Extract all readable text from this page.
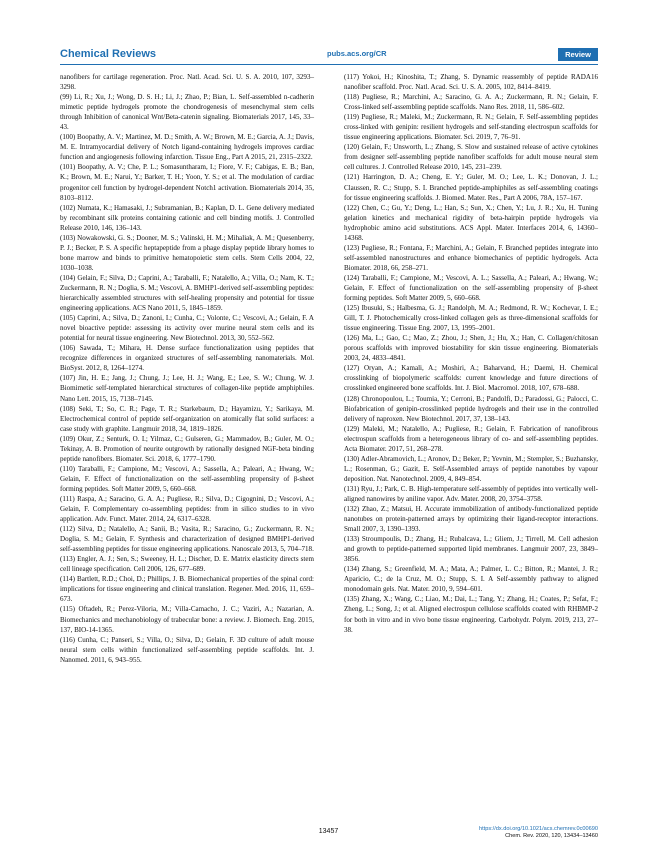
Chemical Reviews	pubs.acs.org/CR	Review

nanofibers for cartilage regeneration. Proc. Natl. Acad. Sci. U. S. A. 2010, 107, 3293–3298.

(99) Li, R.; Xu, J.; Wong, D. S. H.; Li, J.; Zhao, P.; Bian, L. Self-assembled n-cadherin mimetic peptide hydrogels promote the chondrogenesis of mesenchymal stem cells through Inhibition of canonical Wnt/Beta-catenin signaling. Biomaterials 2017, 145, 33–43.

(100) Boopathy, A. V.; Martinez, M. D.; Smith, A. W.; Brown, M. E.; Garcia, A. J.; Davis, M. E. Intramyocardial delivery of Notch ligand-containing hydrogels improves cardiac function and angiogenesis following infarction. Tissue Eng., Part A 2015, 21, 2315–2322.

(101) Boopathy, A. V.; Che, P. L.; Somasuntharam, I.; Fiore, V. F.; Cabigas, E. B.; Ban, K.; Brown, M. E.; Narui, Y.; Barker, T. H.; Yoon, Y. S.; et al. The modulation of cardiac progenitor cell function by hydrogel-dependent Notch1 activation. Biomaterials 2014, 35, 8103–8112.

(102) Numata, K.; Hamasaki, J.; Subramanian, B.; Kaplan, D. L. Gene delivery mediated by recombinant silk proteins containing cationic and cell binding motifs. J. Controlled Release 2010, 146, 136–143.

(103) Nowakowski, G. S.; Dooner, M. S.; Valinski, H. M.; Mihaliak, A. M.; Quesenberry, P. J.; Becker, P. S. A specific heptapeptide from a phage display peptide library homes to bone marrow and binds to primitive hematopoietic stem cells. Stem Cells 2004, 22, 1030–1038.

(104) Gelain, F.; Silva, D.; Caprini, A.; Taraballi, F.; Natalello, A.; Villa, O.; Nam, K. T.; Zuckermann, R. N.; Doglia, S. M.; Vescovi, A. BMHP1-derived self-assembling peptides: hierarchically assembled structures with self-healing propensity and potential for tissue engineering applications. ACS Nano 2011, 5, 1845–1859.

(105) Caprini, A.; Silva, D.; Zanoni, I.; Cunha, C.; Volonte, C.; Vescovi, A.; Gelain, F. A novel bioactive peptide: assessing its activity over murine neural stem cells and its potential for neural tissue engineering. New Biotechnol. 2013, 30, 552–562.

(106) Sawada, T.; Mihara, H. Dense surface functionalization using peptides that recognize differences in organized structures of self-assembling nanomaterials. Mol. BioSyst. 2012, 8, 1264–1274.

(107) Jin, H. E.; Jang, J.; Chung, J.; Lee, H. J.; Wang, E.; Lee, S. W.; Chung, W. J. Biomimetic self-templated hierarchical structures of collagen-like peptide amphiphiles. Nano Lett. 2015, 15, 7138–7145.

(108) Seki, T.; So, C. R.; Page, T. R.; Starkebaum, D.; Hayamizu, Y.; Sarikaya, M. Electrochemical control of peptide self-organization on atomically flat solid surfaces: a case study with graphite. Langmuir 2018, 34, 1819–1826.

(109) Okur, Z.; Senturk, O. I.; Yilmaz, C.; Gulseren, G.; Mammadov, B.; Guler, M. O.; Tekinay, A. B. Promotion of neurite outgrowth by rationally designed NGF-beta binding peptide nanofibers. Biomater. Sci. 2018, 6, 1777–1790.

(110) Taraballi, F.; Campione, M.; Vescovi, A.; Sassella, A.; Paleari, A.; Hwang, W.; Gelain, F. Effect of functionalization on the self-assembling propensity of β-sheet forming peptides. Soft Matter 2009, 5, 660–668.

(111) Raspa, A.; Saracino, G. A. A.; Pugliese, R.; Silva, D.; Cigognini, D.; Vescovi, A.; Gelain, F. Complementary co-assembling peptides: from in silico studies to in vivo application. Adv. Funct. Mater. 2014, 24, 6317–6328.

(112) Silva, D.; Natalello, A.; Sanii, B.; Vasita, R.; Saracino, G.; Zuckermann, R. N.; Doglia, S. M.; Gelain, F. Synthesis and characterization of designed BMHP1-derived self-assembling peptides for tissue engineering applications. Nanoscale 2013, 5, 704–718.

(113) Engler, A. J.; Sen, S.; Sweeney, H. L.; Discher, D. E. Matrix elasticity directs stem cell lineage specification. Cell 2006, 126, 677–689.

(114) Bartlett, R.D.; Choi, D.; Phillips, J. B. Biomechanical properties of the spinal cord: implications for tissue engineering and clinical translation. Regener. Med. 2016, 11, 659–673.

(115) Oftadeh, R.; Perez-Viloria, M.; Villa-Camacho, J. C.; Vaziri, A.; Nazarian, A. Biomechanics and mechanobiology of trabecular bone: a review. J. Biomech. Eng. 2015, 137, BIO-14-1365.

(116) Cunha, C.; Panseri, S.; Villa, O.; Silva, D.; Gelain, F. 3D culture of adult mouse neural stem cells within functionalized self-assembling peptide scaffolds. Int. J. Nanomed. 2011, 6, 943–955.

(117) Yokoi, H.; Kinoshita, T.; Zhang, S. Dynamic reassembly of peptide RADA16 nanofiber scaffold. Proc. Natl. Acad. Sci. U. S. A. 2005, 102, 8414–8419.

(118) Pugliese, R.; Marchini, A.; Saracino, G. A. A.; Zuckermann, R. N.; Gelain, F. Cross-linked self-assembling peptide scaffolds. Nano Res. 2018, 11, 586–602.

(119) Pugliese, R.; Maleki, M.; Zuckermann, R. N.; Gelain, F. Self-assembling peptides cross-linked with genipin: resilient hydrogels and self-standing electrospun scaffolds for tissue engineering applications. Biomater. Sci. 2019, 7, 76–91.

(120) Gelain, F.; Unsworth, L.; Zhang, S. Slow and sustained release of active cytokines from designer self-assembling peptide nanofiber scaffolds for adult mouse neural stem cell cultures. J. Controlled Release 2010, 145, 231–239.

(121) Harrington, D. A.; Cheng, E. Y.; Guler, M. O.; Lee, L. K.; Donovan, J. L.; Claussen, R. C.; Stupp, S. I. Branched peptide-amphiphiles as self-assembling coatings for tissue engineering scaffolds. J. Biomed. Mater. Res., Part A 2006, 78A, 157–167.

(122) Chen, C.; Gu, Y.; Deng, L.; Han, S.; Sun, X.; Chen, Y.; Lu, J. R.; Xu, H. Tuning gelation kinetics and mechanical rigidity of beta-hairpin peptide hydrogels via hydrophobic amino acid substitutions. ACS Appl. Mater. Interfaces 2014, 6, 14360–14368.

(123) Pugliese, R.; Fontana, F.; Marchini, A.; Gelain, F. Branched peptides integrate into self-assembled nanostructures and enhance biomechanics of peptidic hydrogels. Acta Biomater. 2018, 66, 258–271.

(124) Taraballi, F.; Campione, M.; Vescovi, A. L.; Sassella, A.; Paleari, A.; Hwang, W.; Gelain, F. Effect of functionalization on the self-assembling propensity of β-sheet forming peptides. Soft Matter 2009, 5, 660–668.

(125) Ibusuki, S.; Halbesma, G. J.; Randolph, M. A.; Redmond, R. W.; Kochevar, I. E.; Gill, T. J. Photochemically cross-linked collagen gels as three-dimensional scaffolds for tissue engineering. Tissue Eng. 2007, 13, 1995–2001.

(126) Ma, L.; Gao, C.; Mao, Z.; Zhou, J.; Shen, J.; Hu, X.; Han, C. Collagen/chitosan porous scaffolds with improved biostability for skin tissue engineering. Biomaterials 2003, 24, 4833–4841.

(127) Oryan, A.; Kamali, A.; Moshiri, A.; Baharvand, H.; Daemi, H. Chemical crosslinking of biopolymeric scaffolds: current knowledge and future directions of crosslinked engineered bone scaffolds. Int. J. Biol. Macromol. 2018, 107, 678–688.

(128) Chronopoulou, L.; Toumia, Y.; Cerroni, B.; Pandolfi, D.; Paradossi, G.; Palocci, C. Biofabrication of genipin-crosslinked peptide hydrogels and their use in the controlled delivery of naproxen. New Biotechnol. 2017, 37, 138–143.

(129) Maleki, M.; Natalello, A.; Pugliese, R.; Gelain, F. Fabrication of nanofibrous electrospun scaffolds from a heterogeneous library of co- and self-assembling peptides. Acta Biomater. 2017, 51, 268–278.

(130) Adler-Abramovich, L.; Aronov, D.; Beker, P.; Yevnin, M.; Stempler, S.; Buzhansky, L.; Rosenman, G.; Gazit, E. Self-Assembled arrays of peptide nanotubes by vapour deposition. Nat. Nanotechnol. 2009, 4, 849–854.

(131) Ryu, J.; Park, C. B. High-temperature self-assembly of peptides into vertically well-aligned nanowires by aniline vapor. Adv. Mater. 2008, 20, 3754–3758.

(132) Zhao, Z.; Matsui, H. Accurate immobilization of antibody-functionalized peptide nanotubes on protein-patterned arrays by optimizing their ligand-receptor interactions. Small 2007, 3, 1390–1393.

(133) Stroumpoulis, D.; Zhang, H.; Rubalcava, L.; Gliem, J.; Tirrell, M. Cell adhesion and growth to peptide-patterned supported lipid membranes. Langmuir 2007, 23, 3849–3856.

(134) Zhang, S.; Greenfield, M. A.; Mata, A.; Palmer, L. C.; Bitton, R.; Mantei, J. R.; Aparicio, C.; de la Cruz, M. O.; Stupp, S. I. A Self-assembly pathway to aligned monodomain gels. Nat. Mater. 2010, 9, 594–601.

(135) Zhang, X.; Wang, C.; Liao, M.; Dai, L.; Tang, Y.; Zhang, H.; Coates, P.; Sefat, F.; Zheng, L.; Song, J.; et al. Aligned electrospun cellulose scaffolds coated with RHBMP-2 for both in vitro and in vivo bone tissue engineering. Carbohydr. Polym. 2019, 213, 27–38.

13457	https://dx.doi.org/10.1021/acs.chemrev.0c00690
Chem. Rev. 2020, 120, 13434–13460
